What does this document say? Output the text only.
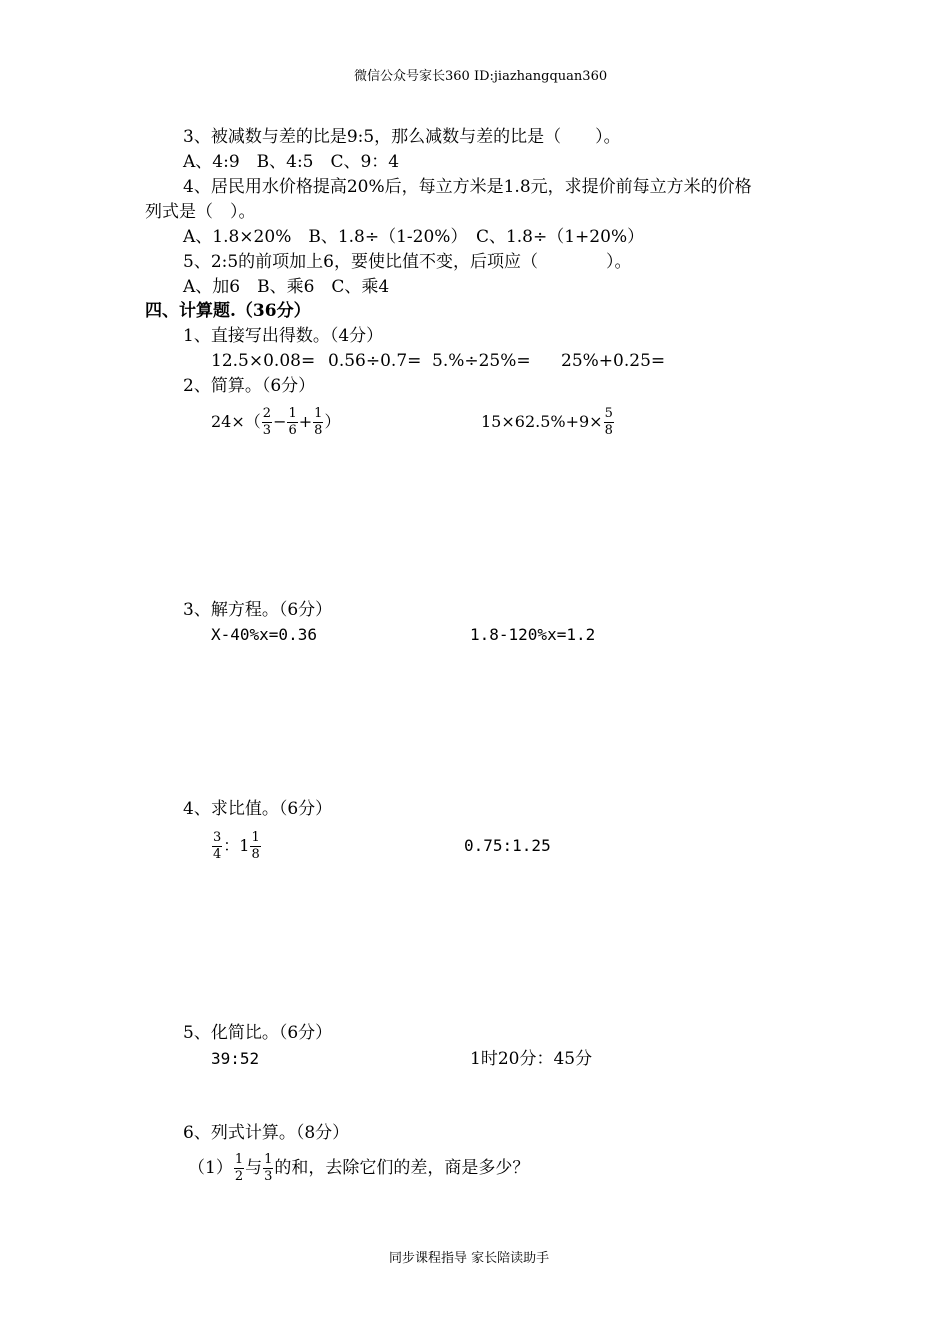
微信公众号家长360 ID:jiazhangquan360
3、被减数与差的比是9:5，那么减数与差的比是（　　）。
A、4:9　B、4:5　C、9：4
4、居民用水价格提高20%后，每立方米是1.8元，求提价前每立方米的价格
列式是（　）。
A、1.8×20%　B、1.8÷（1-20%）　C、1.8÷（1+20%）
5、2:5的前项加上6，要使比值不变，后项应（　　　　）。
A、加6　B、乘6　C、乘4
四、计算题.（36分）
1、直接写出得数。（4分）
12.5×0.08= 0.56÷0.7= 5.%÷25%= 25%+0.25=
2、简算。（6分）
$24\times( \frac{2}{3} - \frac{1}{6} + \frac{1}{8}$ ）	$15\times 62.5\%+9\times \frac{5}{8}$
3、解方程。（6分）
X-40%x=0.36	1.8-120%x=1.2
4、求比值。（6分）
$\frac{3}{4}$ ：$1 \frac{1}{8}$	0.75:1.25
5、化简比。（6分）
39:52	1时20分：45分
6、列式计算。（8分）
$(1) \frac{1}{2}$ 与 $\frac{1}{3}$ 的和，去除它们的差，商是多少？
同步课程指导 家长陪读助手
